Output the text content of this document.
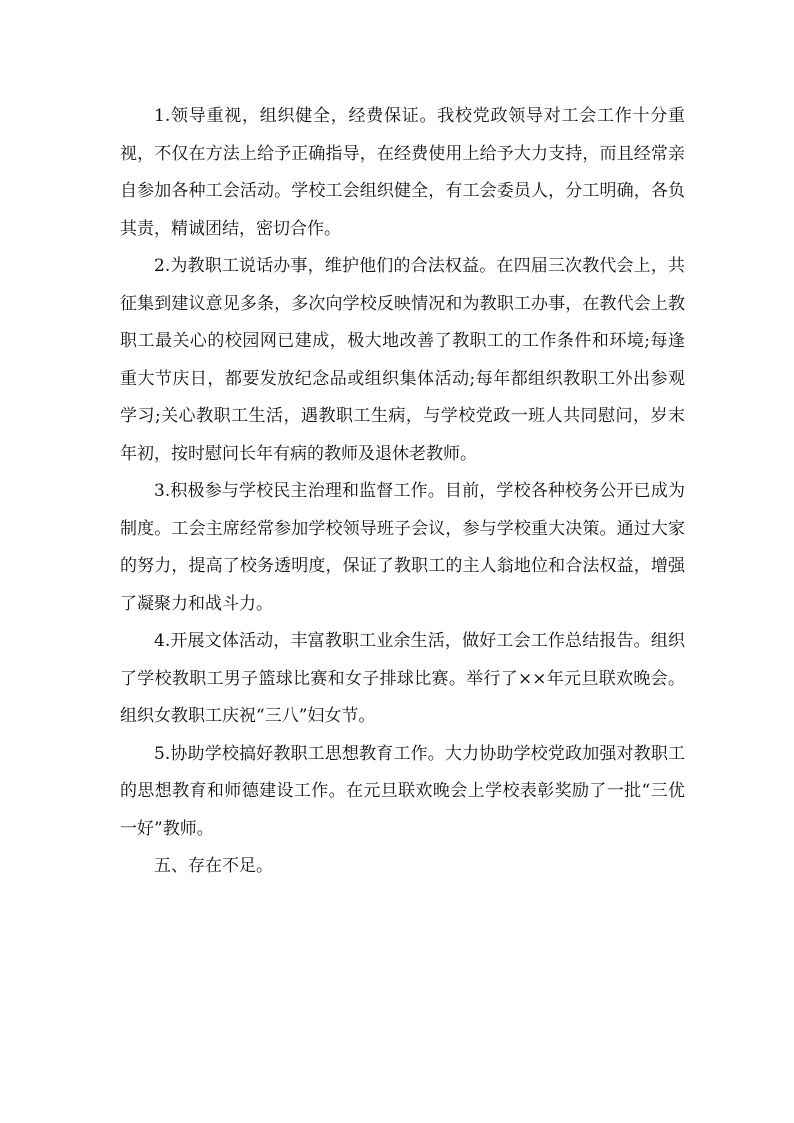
1.领导重视，组织健全，经费保证。我校党政领导对工会工作十分重视，不仅在方法上给予正确指导，在经费使用上给予大力支持，而且经常亲自参加各种工会活动。学校工会组织健全，有工会委员人，分工明确，各负其责，精诚团结，密切合作。

2.为教职工说话办事，维护他们的合法权益。在四届三次教代会上，共征集到建议意见多条，多次向学校反映情况和为教职工办事，在教代会上教职工最关心的校园网已建成，极大地改善了教职工的工作条件和环境;每逢重大节庆日，都要发放纪念品或组织集体活动;每年都组织教职工外出参观学习;关心教职工生活，遇教职工生病，与学校党政一班人共同慰问，岁末年初，按时慰问长年有病的教师及退休老教师。

3.积极参与学校民主治理和监督工作。目前，学校各种校务公开已成为制度。工会主席经常参加学校领导班子会议，参与学校重大决策。通过大家的努力，提高了校务透明度，保证了教职工的主人翁地位和合法权益，增强了凝聚力和战斗力。

4.开展文体活动，丰富教职工业余生活，做好工会工作总结报告。组织了学校教职工男子篮球比赛和女子排球比赛。举行了××年元旦联欢晚会。组织女教职工庆祝“三八”妇女节。

5.协助学校搞好教职工思想教育工作。大力协助学校党政加强对教职工的思想教育和师德建设工作。在元旦联欢晚会上学校表彰奖励了一批“三优一好”教师。

五、存在不足。
